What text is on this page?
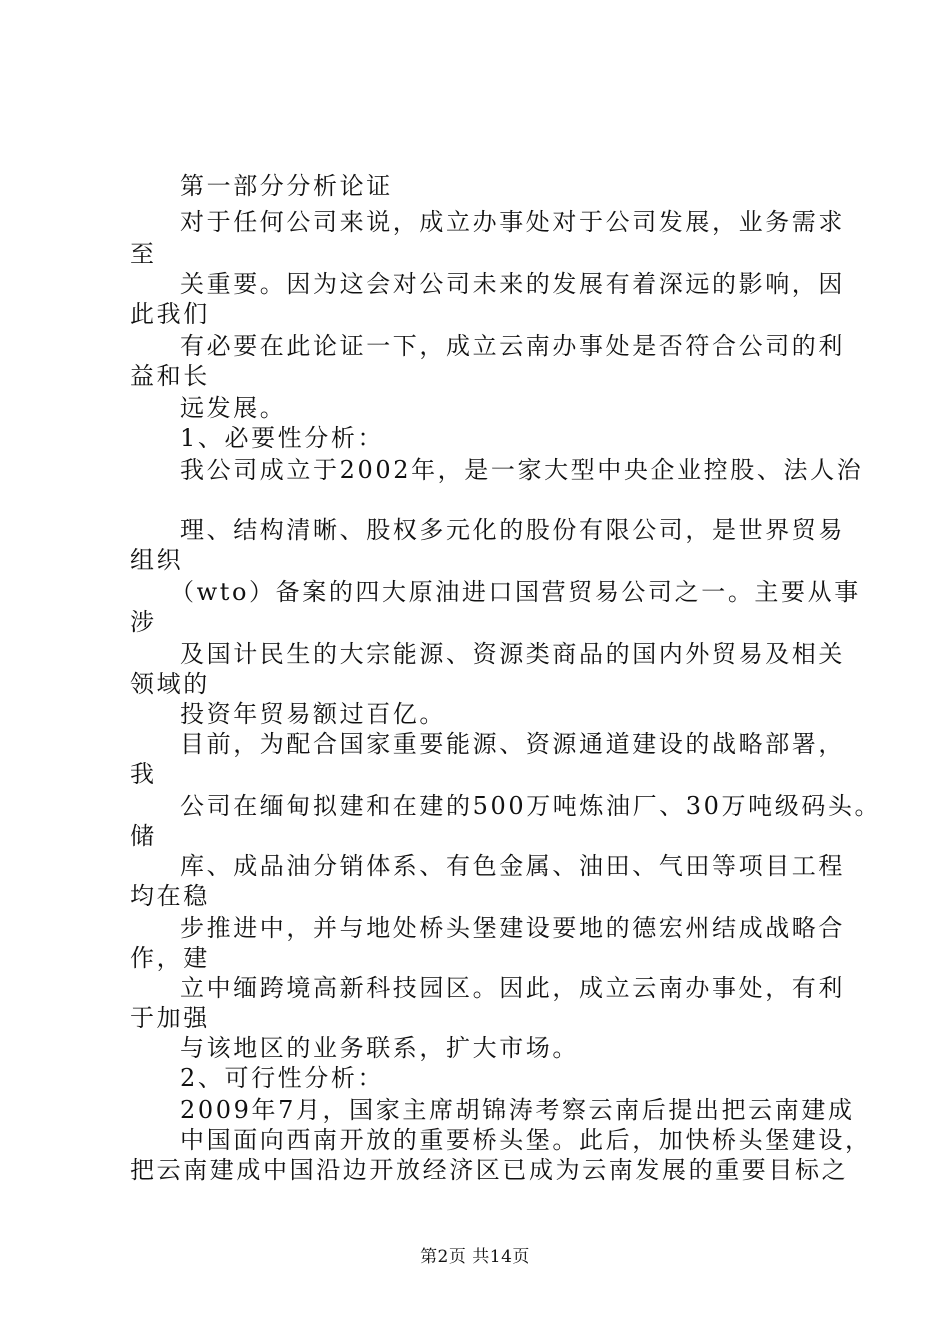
第一部分分析论证
对于任何公司来说，成立办事处对于公司发展，业务需求
至
关重要。因为这会对公司未来的发展有着深远的影响，因
此我们
有必要在此论证一下，成立云南办事处是否符合公司的利
益和长
远发展。
1、必要性分析：
我公司成立于2002年，是一家大型中央企业控股、法人治
理、结构清晰、股权多元化的股份有限公司，是世界贸易
组织
（wto）备案的四大原油进口国营贸易公司之一。主要从事
涉
及国计民生的大宗能源、资源类商品的国内外贸易及相关
领域的
投资年贸易额过百亿。
目前，为配合国家重要能源、资源通道建设的战略部署，
我
公司在缅甸拟建和在建的500万吨炼油厂、30万吨级码头。
储
库、成品油分销体系、有色金属、油田、气田等项目工程
均在稳
步推进中，并与地处桥头堡建设要地的德宏州结成战略合
作，建
立中缅跨境高新科技园区。因此，成立云南办事处，有利
于加强
与该地区的业务联系，扩大市场。
2、可行性分析：
2009年7月，国家主席胡锦涛考察云南后提出把云南建成
中国面向西南开放的重要桥头堡。此后，加快桥头堡建设，
把云南建成中国沿边开放经济区已成为云南发展的重要目标之
第2页 共14页
